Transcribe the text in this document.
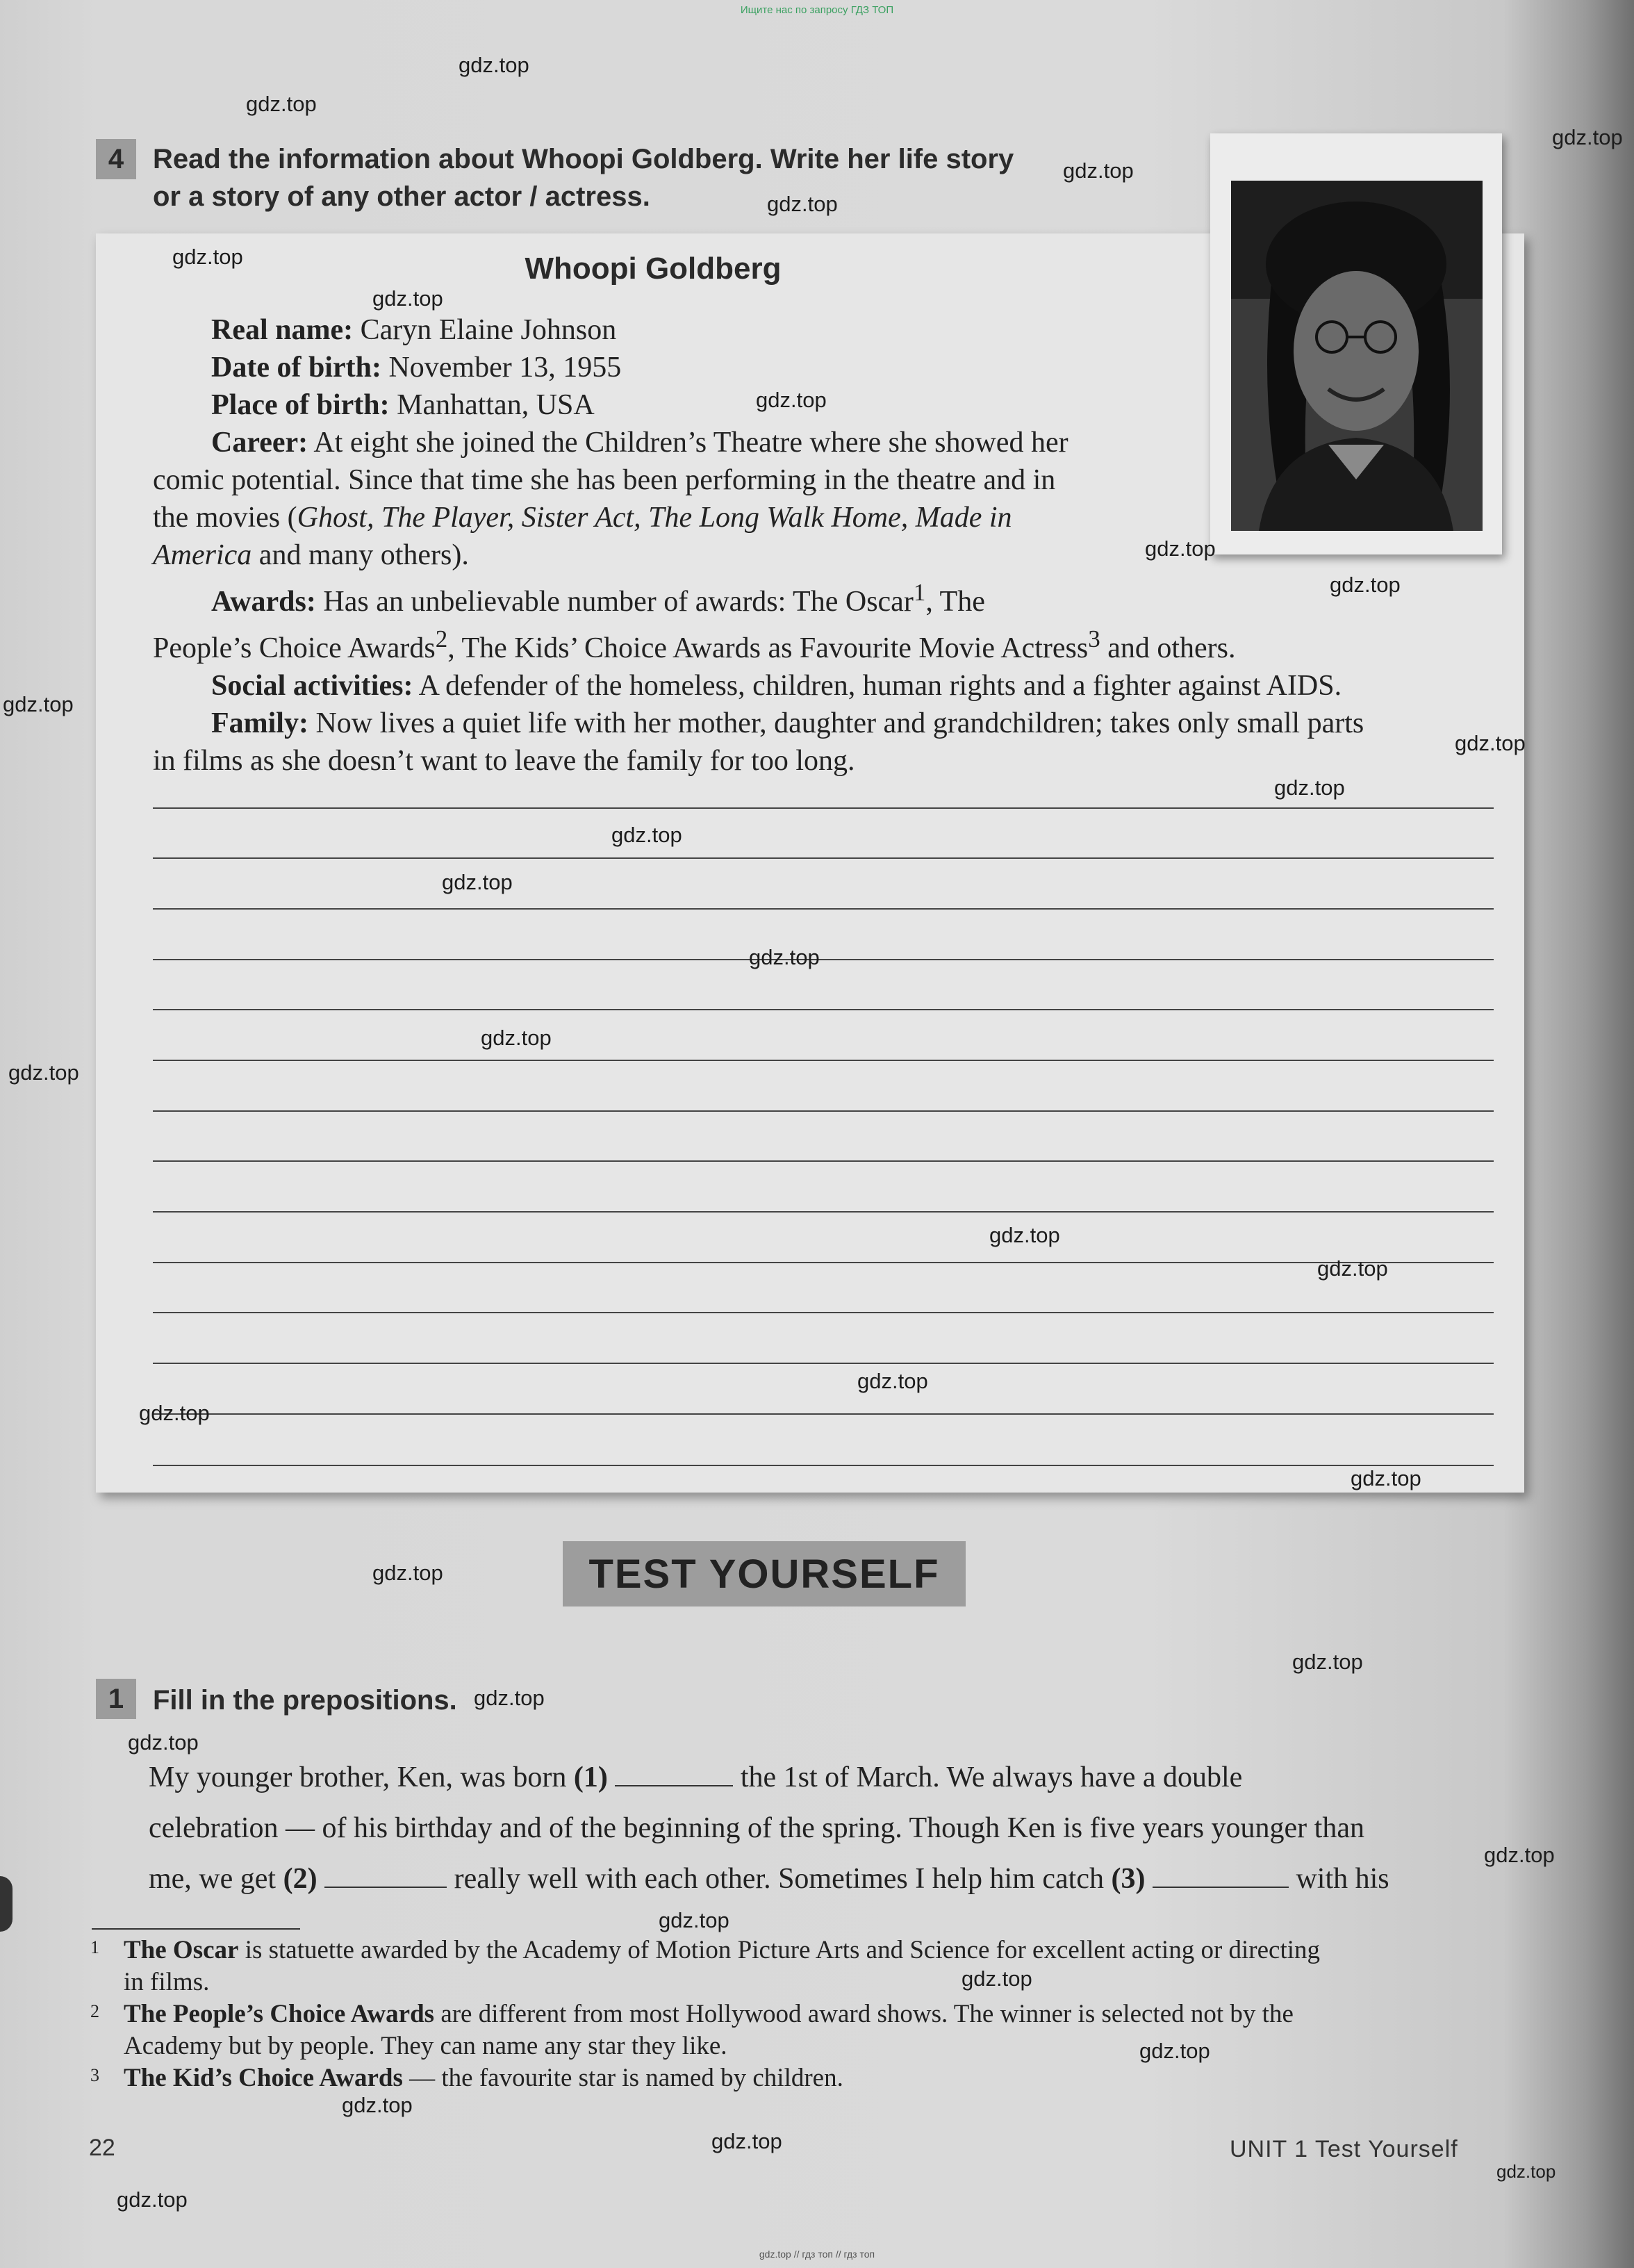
Ищите нас по запросу ГДЗ ТОП
4	Read the information about Whoopi Goldberg. Write her life story
or a story of any other actor / actress.
Whoopi Goldberg
Real name: Caryn Elaine Johnson
Date of birth: November 13, 1955
Place of birth: Manhattan, USA
Career: At eight she joined the Children’s Theatre where she showed her
comic potential. Since that time she has been performing in the theatre and in
the movies (Ghost, The Player, Sister Act, The Long Walk Home, Made in
America and many others).
Awards: Has an unbelievable number of awards: The Oscar$^1$, The
People’s Choice Awards$^2$, The Kids’ Choice Awards as Favourite Movie Actress$^3$ and others.
Social activities: A defender of the homeless, children, human rights and a fighter against AIDS.
Family: Now lives a quiet life with her mother, daughter and grandchildren; takes only small parts
in films as she doesn’t want to leave the family for too long.
TEST YOURSELF
1	Fill in the prepositions.
My younger brother, Ken, was born (1)	the 1st of March. We always have a double
celebration — of his birthday and of the beginning of the spring. Though Ken is five years younger than
me, we get (2)	really well with each other. Sometimes I help him catch (3)	with his
1 The Oscar is statuette awarded by the Academy of Motion Picture Arts and Science for excellent acting or directing
in films.
2 The People’s Choice Awards are different from most Hollywood award shows. The winner is selected not by the
Academy but by people. They can name any star they like.
3 The Kid’s Choice Awards — the favourite star is named by children.
22	UNIT 1 Test Yourself
gdz.top
gdz.top
gdz.top
gdz.top
gdz.top
gdz.top
gdz.top
gdz.top
gdz.top
gdz.top
gdz.top
gdz.top
gdz.top
gdz.top
gdz.top
gdz.top
gdz.top
gdz.top
gdz.top
gdz.top
gdz.top
gdz.top
gdz.top
gdz.top
gdz.top
gdz.top
gdz.top
gdz.top
gdz.top
gdz.top
gdz.top
gdz.top
gdz.top
gdz.top
gdz.top
gdz.top // гдз топ // гдз топ
